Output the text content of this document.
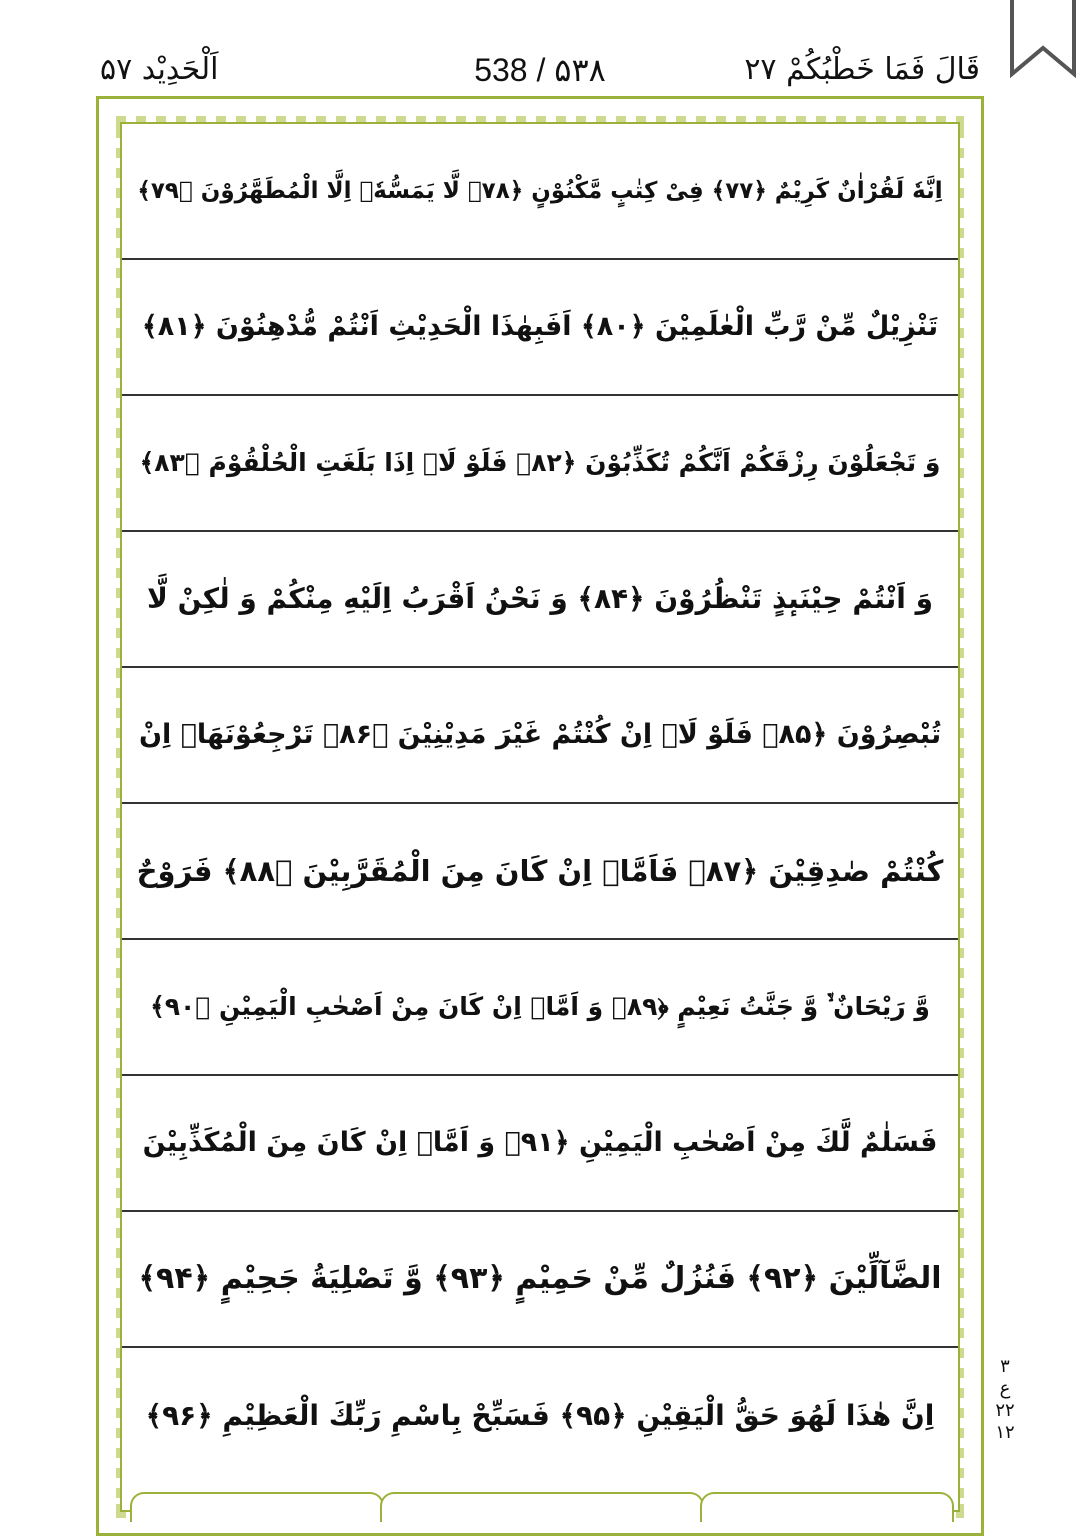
قَالَ فَمَا خَطْبُكُمْ ٢٧
538 / ۵۳۸
اَلْحَدِیْد ۵۷
اِنَّهٗ لَقُرْاٰنٌ كَرِیْمٌ ﴿۷۷﴾ فِیْ كِتٰبٍ مَّكْنُوْنٍ ﴿۷۸﴾ لَّا یَمَسُّهٗۤ اِلَّا الْمُطَهَّرُوْنَ ﴿۷۹﴾
تَنْزِیْلٌ مِّنْ رَّبِّ الْعٰلَمِیْنَ ﴿۸۰﴾ اَفَبِهٰذَا الْحَدِیْثِ اَنْتُمْ مُّدْهِنُوْنَ ﴿۸۱﴾
وَ تَجْعَلُوْنَ رِزْقَكُمْ اَنَّكُمْ تُكَذِّبُوْنَ ﴿۸۲﴾ فَلَوْ لَاۤ اِذَا بَلَغَتِ الْحُلْقُوْمَ ﴿۸۳﴾
وَ اَنْتُمْ حِیْنَىٕذٍ تَنْظُرُوْنَ ﴿۸۴﴾ وَ نَحْنُ اَقْرَبُ اِلَیْهِ مِنْكُمْ وَ لٰكِنْ لَّا
تُبْصِرُوْنَ ﴿۸۵﴾ فَلَوْ لَاۤ اِنْ كُنْتُمْ غَیْرَ مَدِیْنِیْنَ ﴿۸۶﴾ تَرْجِعُوْنَهَاۤ اِنْ
كُنْتُمْ صٰدِقِیْنَ ﴿۸۷﴾ فَاَمَّاۤ اِنْ كَانَ مِنَ الْمُقَرَّبِیْنَ ﴿۸۸﴾ فَرَوْحٌ
وَّ رَیْحَانٌ ۙ۬ وَّ جَنَّتُ نَعِیْمٍ ﴿۸۹﴾ وَ اَمَّاۤ اِنْ كَانَ مِنْ اَصْحٰبِ الْیَمِیْنِ ﴿۹۰﴾
فَسَلٰمٌ لَّكَ مِنْ اَصْحٰبِ الْیَمِیْنِ ﴿۹۱﴾ وَ اَمَّاۤ اِنْ كَانَ مِنَ الْمُكَذِّبِیْنَ
الضَّآلِّیْنَ ﴿۹۲﴾ فَنُزُلٌ مِّنْ حَمِیْمٍ ﴿۹۳﴾ وَّ تَصْلِیَةُ جَحِیْمٍ ﴿۹۴﴾
اِنَّ هٰذَا لَهُوَ حَقُّ الْیَقِیْنِ ﴿۹۵﴾ فَسَبِّحْ بِاسْمِ رَبِّكَ الْعَظِیْمِ ﴿۹۶﴾
٣
ع
٢٢
١٢
